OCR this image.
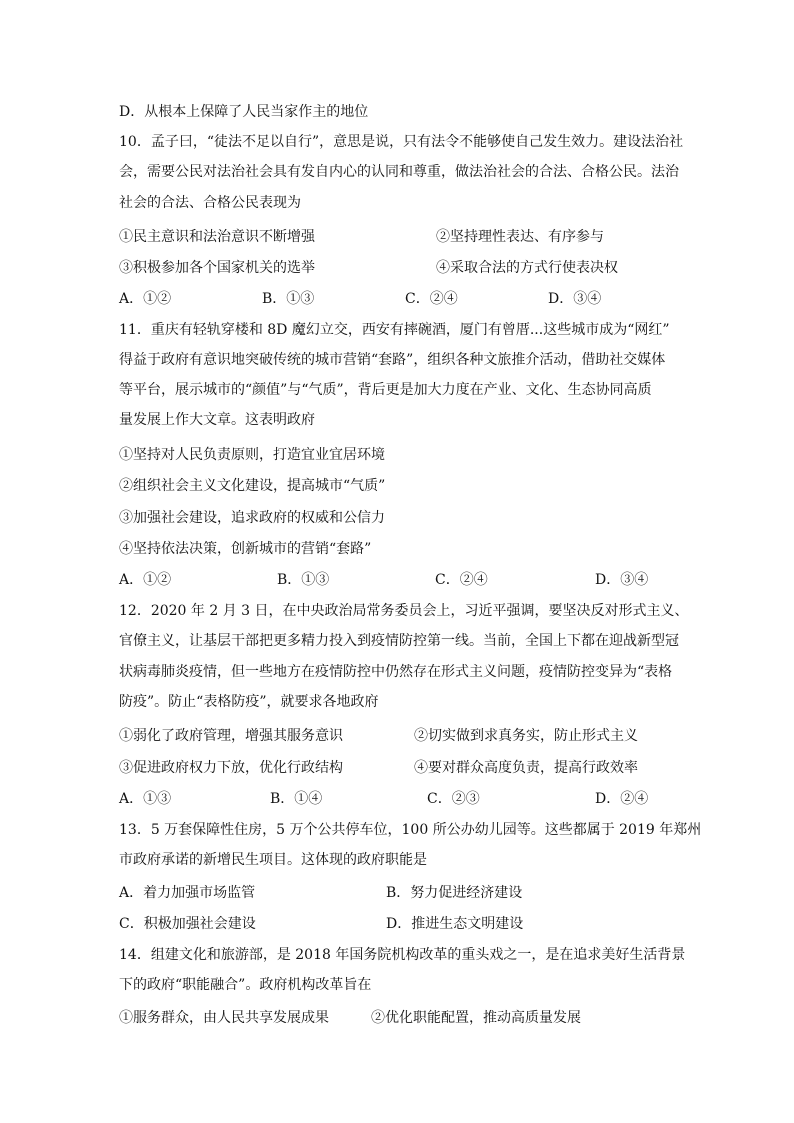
D．从根本上保障了人民当家作主的地位
10．孟子曰，“徒法不足以自行”，意思是说，只有法令不能够使自己发生效力。建设法治社
会，需要公民对法治社会具有发自内心的认同和尊重，做法治社会的合法、合格公民。法治
社会的合法、合格公民表现为
①民主意识和法治意识不断增强	②坚持理性表达、有序参与
③积极参加各个国家机关的选举	④采取合法的方式行使表决权
A．①②	B．①③	C．②④	D．③④
11．重庆有轻轨穿楼和 8D 魔幻立交，西安有摔碗酒，厦门有曾厝...这些城市成为“网红”
得益于政府有意识地突破传统的城市营销“套路”，组织各种文旅推介活动，借助社交媒体
等平台，展示城市的“颜值”与“气质”，背后更是加大力度在产业、文化、生态协同高质
量发展上作大文章。这表明政府
①坚持对人民负责原则，打造宜业宜居环境
②组织社会主义文化建设，提高城市“气质”
③加强社会建设，追求政府的权威和公信力
④坚持依法决策，创新城市的营销“套路”
A．①②	B．①③	C．②④	D．③④
12．2020 年 2 月 3 日，在中央政治局常务委员会上，习近平强调，要坚决反对形式主义、
官僚主义，让基层干部把更多精力投入到疫情防控第一线。当前，全国上下都在迎战新型冠
状病毒肺炎疫情，但一些地方在疫情防控中仍然存在形式主义问题，疫情防控变异为“表格
防疫”。防止“表格防疫”，就要求各地政府
①弱化了政府管理，增强其服务意识	②切实做到求真务实，防止形式主义
③促进政府权力下放，优化行政结构	④要对群众高度负责，提高行政效率
A．①③	B．①④	C．②③	D．②④
13．5 万套保障性住房，5 万个公共停车位，100 所公办幼儿园等。这些都属于 2019 年郑州
市政府承诺的新增民生项目。这体现的政府职能是
A．着力加强市场监管	B．努力促进经济建设
C．积极加强社会建设	D．推进生态文明建设
14．组建文化和旅游部，是 2018 年国务院机构改革的重头戏之一，是在追求美好生活背景
下的政府“职能融合”。政府机构改革旨在
①服务群众，由人民共享发展成果	②优化职能配置，推动高质量发展
